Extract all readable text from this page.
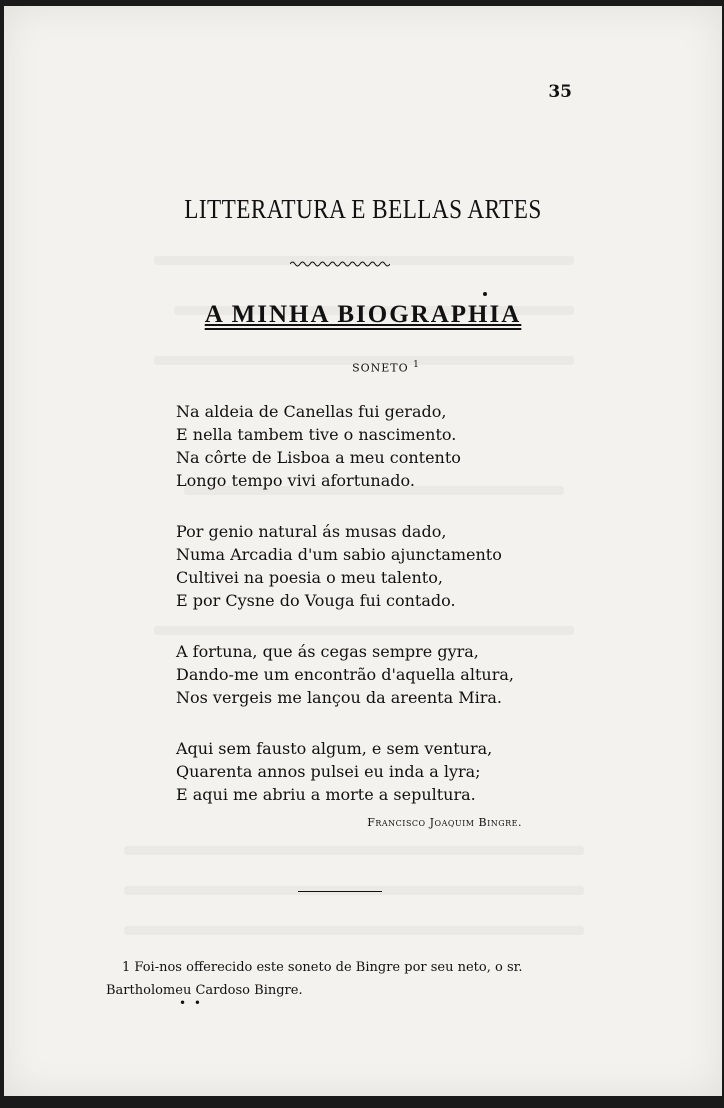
35
LITTERATURA E BELLAS ARTES
A MINHA BIOGRAPHIA
SONETO $^1$
Na aldeia de Canellas fui gerado,
E nella tambem tive o nascimento.
Na côrte de Lisboa a meu contento
Longo tempo vivi afortunado.
Por genio natural ás musas dado,
Numa Arcadia d'um sabio ajunctamento
Cultivei na poesia o meu talento,
E por Cysne do Vouga fui contado.
A fortuna, que ás cegas sempre gyra,
Dando-me um encontrão d'aquella altura,
Nos vergeis me lançou da areenta Mira.
Aqui sem fausto algum, e sem ventura,
Quarenta annos pulsei eu inda a lyra;
E aqui me abriu a morte a sepultura.
Francisco Joaquim Bingre.
1 Foi-nos offerecido este soneto de Bingre por seu neto, o sr. Bartholomeu Cardoso Bingre.
• •
